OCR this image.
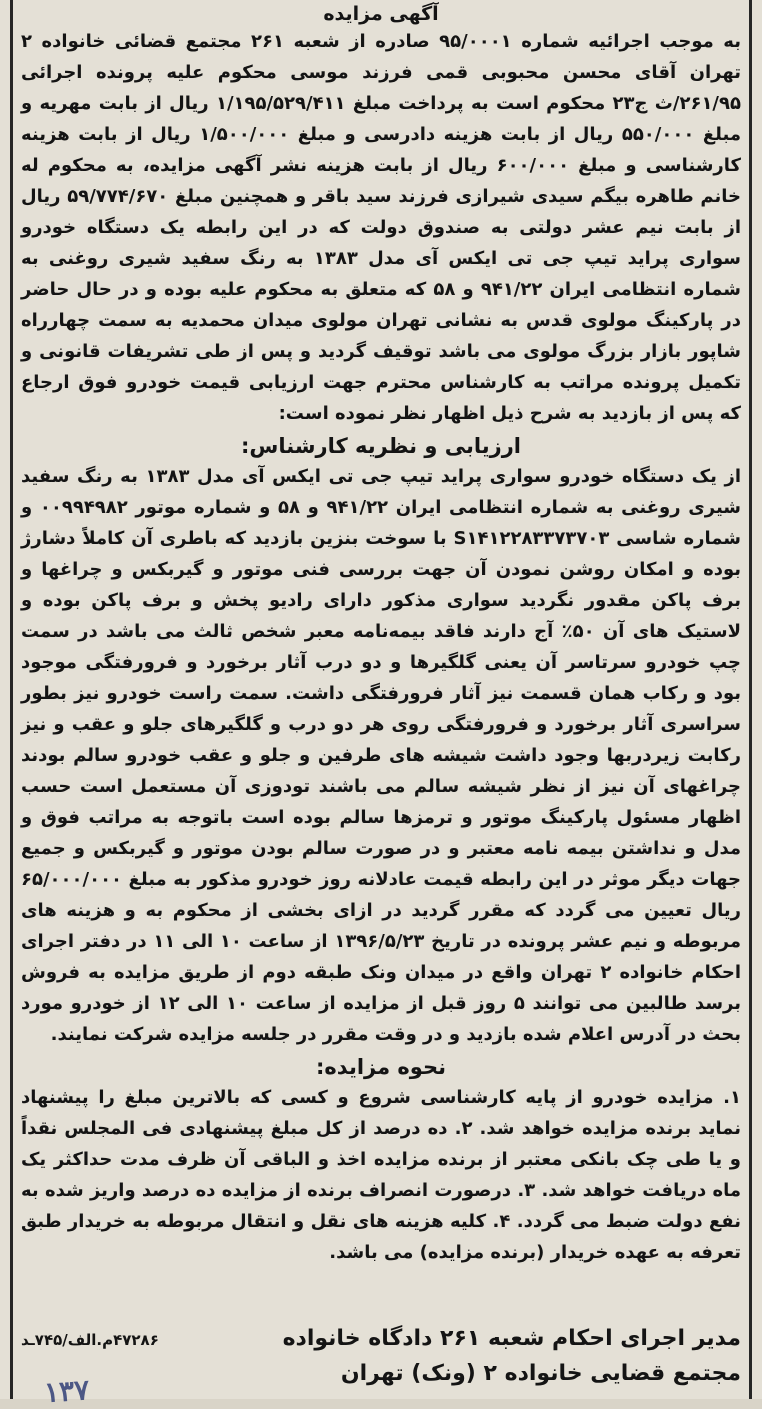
آگهی مزایده

به موجب اجرائیه شماره ۹۵/۰۰۰۱ صادره از شعبه ۲۶۱ مجتمع قضائی خانواده ۲ تهران آقای محسن محبوبی قمی فرزند موسی محکوم علیه پرونده اجرائی ۲۶۱/۹۵/ث ج۲۳ محکوم است به پرداخت مبلغ ۱/۱۹۵/۵۲۹/۴۱۱ ریال از بابت مهریه و مبلغ ۵۵۰/۰۰۰ ریال از بابت هزینه دادرسی و مبلغ ۱/۵۰۰/۰۰۰ ریال از بابت هزینه کارشناسی و مبلغ ۶۰۰/۰۰۰ ریال از بابت هزینه نشر آگهی مزایده، به محکوم له خانم طاهره بیگم سیدی شیرازی فرزند سید باقر و همچنین مبلغ ۵۹/۷۷۴/۶۷۰ ریال از بابت نیم عشر دولتی به صندوق دولت که در این رابطه یک دستگاه خودرو سواری پراید تیپ جی تی ایکس آی مدل ۱۳۸۳ به رنگ سفید شیری روغنی به شماره انتظامی ایران ۹۴۱/۲۲ و ۵۸ که متعلق به محکوم علیه بوده و در حال حاضر در پارکینگ مولوی قدس به نشانی تهران مولوی میدان محمدیه به سمت چهارراه شاپور بازار بزرگ مولوی می باشد توقیف گردید و پس از طی تشریفات قانونی و تکمیل پرونده مراتب به کارشناس محترم جهت ارزیابی قیمت خودرو فوق ارجاع که پس از بازدید به شرح ذیل اظهار نظر نموده است:

ارزیابی و نظریه کارشناس:

از یک دستگاه خودرو سواری پراید تیپ جی تی ایکس آی مدل ۱۳۸۳ به رنگ سفید شیری روغنی به شماره انتظامی ایران ۹۴۱/۲۲ و ۵۸ و شماره موتور ۰۰۹۹۴۹۸۲ و شماره شاسی S۱۴۱۲۲۸۳۳۷۳۷۰۳ با سوخت بنزین بازدید که باطری آن کاملاً دشارژ بوده و امکان روشن نمودن آن جهت بررسی فنی موتور و گیربکس و چراغها و برف پاکن مقدور نگردید سواری مذکور دارای رادیو پخش و برف پاکن بوده و لاستیک های آن ۵۰٪ آج دارند فاقد بیمه‌نامه معبر شخص ثالث می باشد در سمت چپ خودرو سرتاسر آن یعنی گلگیرها و دو درب آثار برخورد و فرورفتگی موجود بود و رکاب همان قسمت نیز آثار فرورفتگی داشت. سمت راست خودرو نیز بطور سراسری آثار برخورد و فرورفتگی روی هر دو درب و گلگیرهای جلو و عقب و نیز رکابت زیردربها وجود داشت شیشه های طرفین و جلو و عقب خودرو سالم بودند چراغهای آن نیز از نظر شیشه سالم می باشند تودوزی آن مستعمل است حسب اظهار مسئول پارکینگ موتور و ترمزها سالم بوده است باتوجه به مراتب فوق و مدل و نداشتن بیمه نامه معتبر و در صورت سالم بودن موتور و گیربکس و جمیع جهات دیگر موثر در این رابطه قیمت عادلانه روز خودرو مذکور به مبلغ ۶۵/۰۰۰/۰۰۰ ریال تعیین می گردد که مقرر گردید در ازای بخشی از محکوم به و هزینه های مربوطه و نیم عشر پرونده در تاریخ ۱۳۹۶/۵/۲۳ از ساعت ۱۰ الی ۱۱ در دفتر اجرای احکام خانواده ۲ تهران واقع در میدان ونک طبقه دوم از طریق مزایده به فروش برسد طالبین می توانند ۵ روز قبل از مزایده از ساعت ۱۰ الی ۱۲ از خودرو مورد بحث در آدرس اعلام شده بازدید و در وقت مقرر در جلسه مزایده شرکت نمایند.

نحوه مزایده:

۱. مزایده خودرو از پایه کارشناسی شروع و کسی که بالاترین مبلغ را پیشنهاد نماید برنده مزایده خواهد شد. ۲. ده درصد از کل مبلغ پیشنهادی فی المجلس نقداً و یا طی چک بانکی معتبر از برنده مزایده اخذ و الباقی آن ظرف مدت حداکثر یک ماه دریافت خواهد شد. ۳. درصورت انصراف برنده از مزایده ده درصد واریز شده به نفع دولت ضبط می گردد. ۴. کلیه هزینه های نقل و انتقال مربوطه به خریدار طبق تعرفه به عهده خریدار (برنده مزایده) می باشد.

مدیر اجرای احکام شعبه ۲۶۱ دادگاه خانواده
۴۷۲۸۶م.الف/۷۴۵ـد
مجتمع قضایی خانواده ۲ (ونک) تهران
۱۳۷
